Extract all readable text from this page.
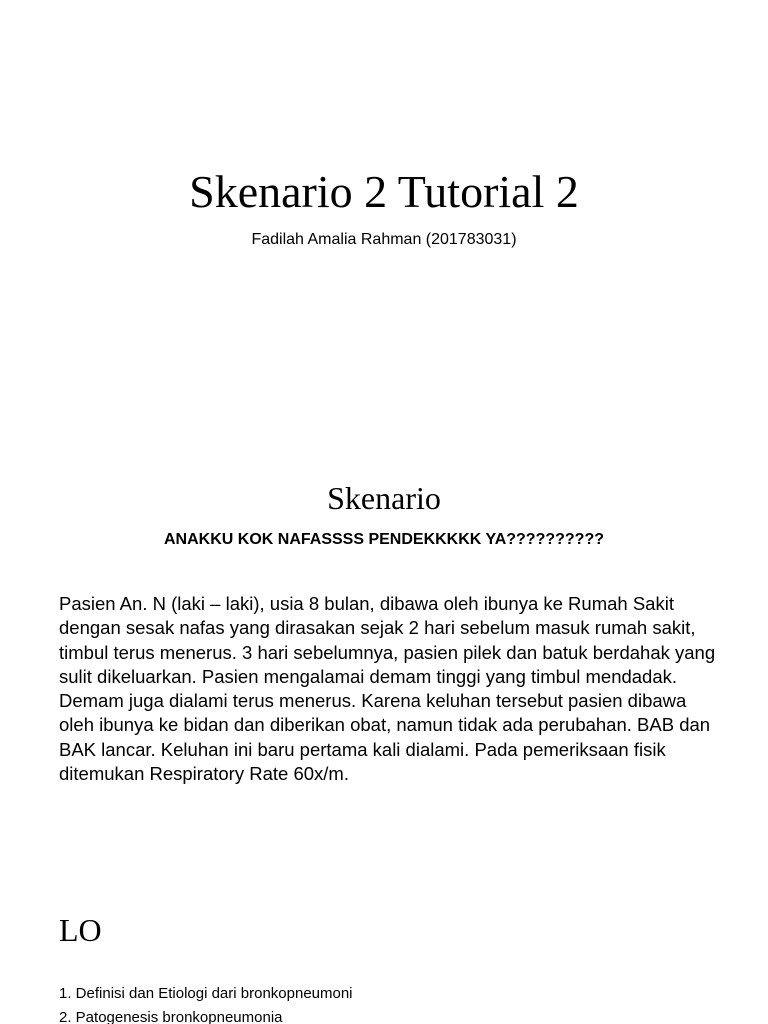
Skenario 2 Tutorial 2

Fadilah Amalia Rahman (201783031)

Skenario

ANAKKU KOK NAFASSSS PENDEKKKKK YA??????????

Pasien An. N (laki – laki), usia 8 bulan, dibawa oleh ibunya ke Rumah Sakit dengan sesak nafas yang dirasakan sejak 2 hari sebelum masuk rumah sakit, timbul terus menerus. 3 hari sebelumnya, pasien pilek dan batuk berdahak yang sulit dikeluarkan. Pasien mengalamai demam tinggi yang timbul mendadak. Demam juga dialami terus menerus. Karena keluhan tersebut pasien dibawa oleh ibunya ke bidan dan diberikan obat, namun tidak ada perubahan. BAB dan BAK lancar. Keluhan ini baru pertama kali dialami. Pada pemeriksaan fisik ditemukan Respiratory Rate 60x/m.

LO
1. Definisi dan Etiologi dari bronkopneumoni
2. Patogenesis bronkopneumonia
